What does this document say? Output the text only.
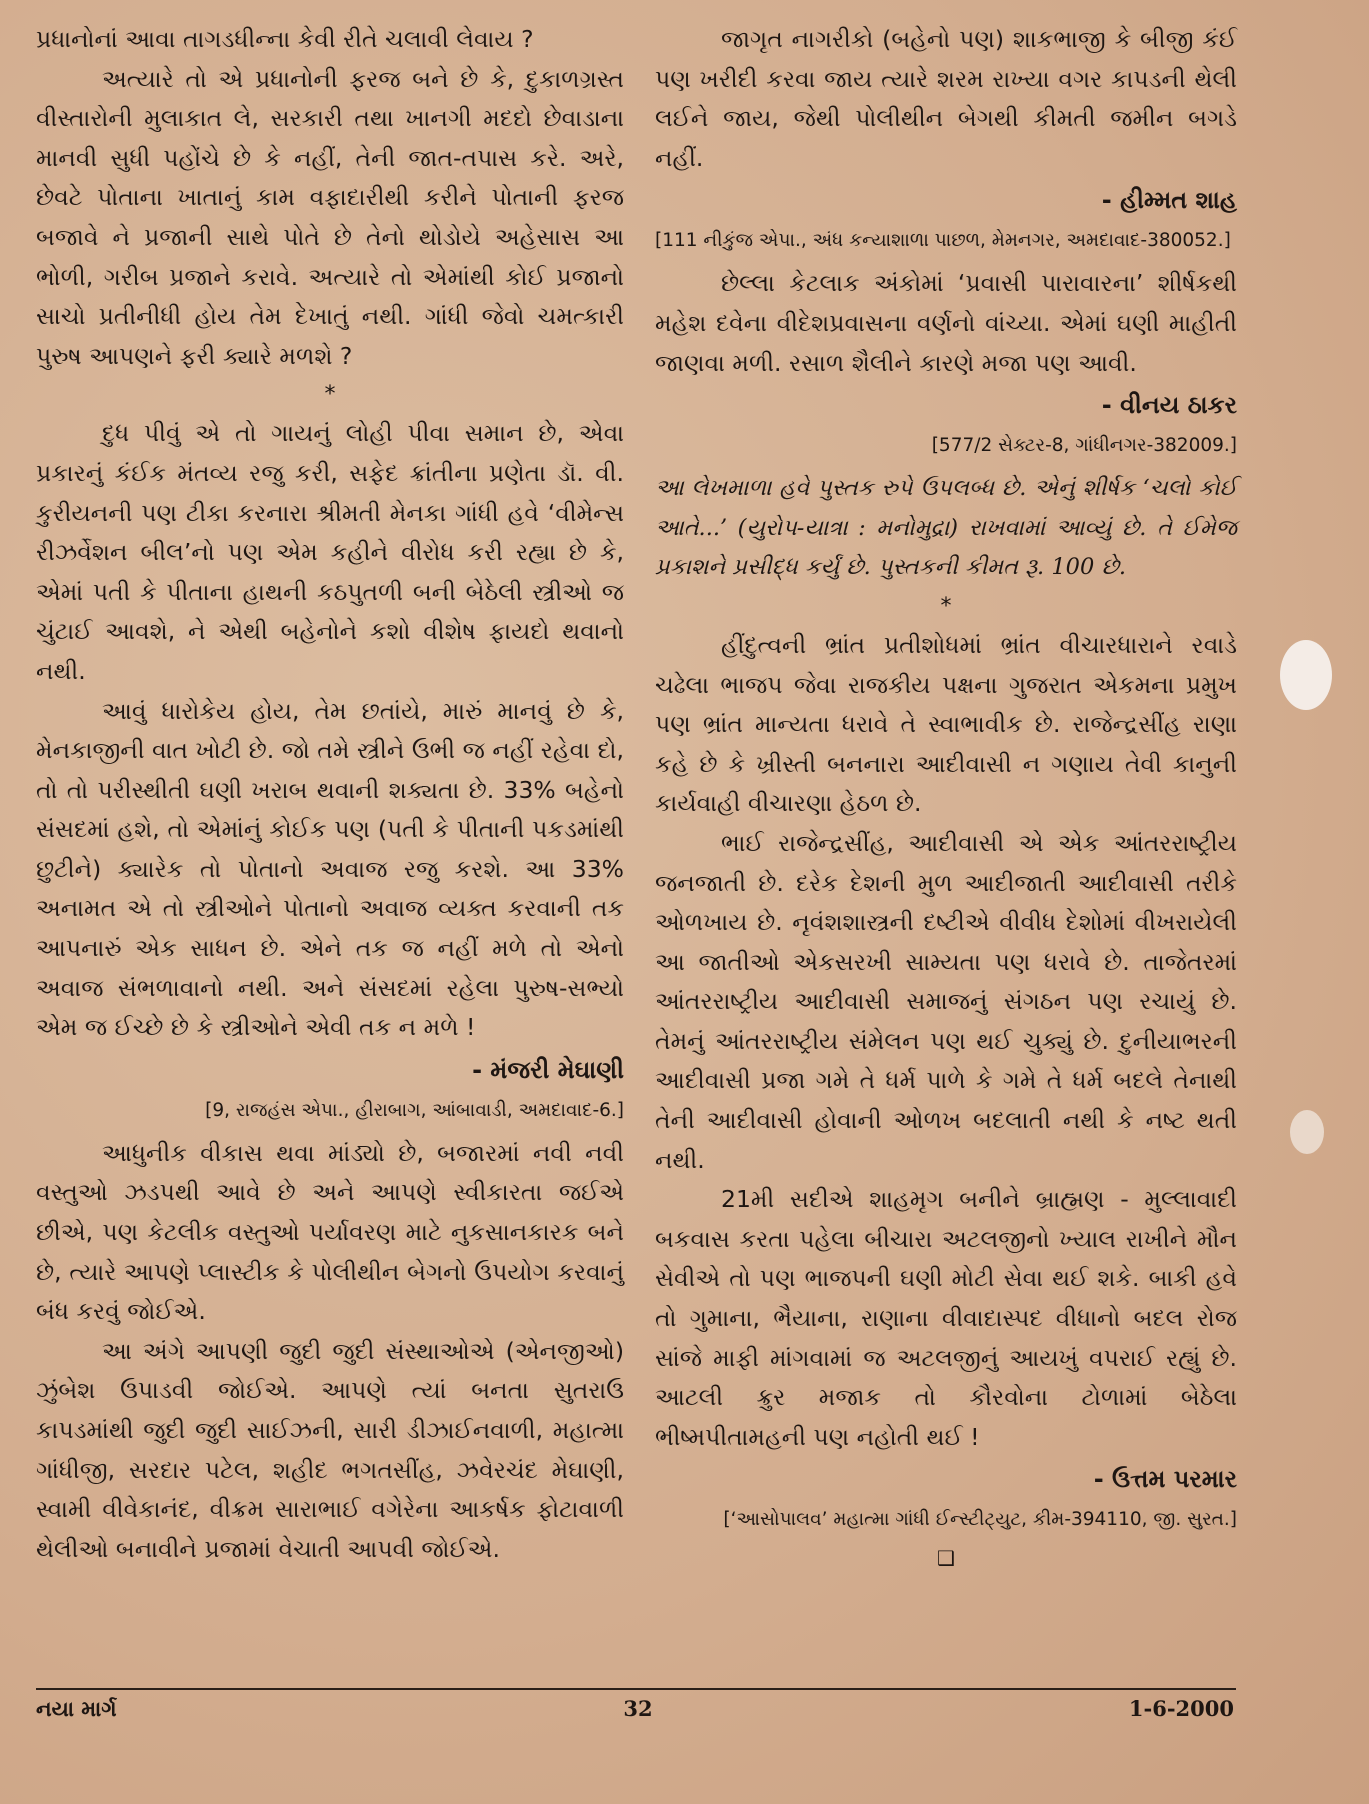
પ્રધાનોનાં આવા તાગડધીન્ના કેવી રીતે ચલાવી લેવાય ?

અત્યારે તો એ પ્રધાનોની ફરજ બને છે કે, દુકાળગ્રસ્ત વીસ્તારોની મુલાકાત લે, સરકારી તથા ખાનગી મદદો છેવાડાના માનવી સુધી પહોંચે છે કે નહીં, તેની જાત-તપાસ કરે. અરે, છેવટે પોતાના ખાતાનું કામ વફાદારીથી કરીને પોતાની ફરજ બજાવે ને પ્રજાની સાથે પોતે છે તેનો થોડોયે અહેસાસ આ ભોળી, ગરીબ પ્રજાને કરાવે. અત્યારે તો એમાંથી કોઈ પ્રજાનો સાચો પ્રતીનીધી હોય તેમ દેખાતું નથી. ગાંધી જેવો ચમત્કારી પુરુષ આપણને ફરી ક્યારે મળશે ?

*

દુધ પીવું એ તો ગાયનું લોહી પીવા સમાન છે, એવા પ્રકારનું કંઈક મંતવ્ય રજુ કરી, સફેદ ક્રાંતીના પ્રણેતા ડૉ. વી. કુરીયનની પણ ટીકા કરનારા શ્રીમતી મેનકા ગાંધી હવે ‘વીમેન્સ રીઝર્વેશન બીલ’નો પણ એમ કહીને વીરોધ કરી રહ્યા છે કે, એમાં પતી કે પીતાના હાથની કઠપુતળી બની બેઠેલી સ્ત્રીઓ જ ચુંટાઈ આવશે, ને એથી બહેનોને કશો વીશેષ ફાયદો થવાનો નથી.

આવું ધારોકેય હોય, તેમ છતાંયે, મારું માનવું છે કે, મેનકાજીની વાત ખોટી છે. જો તમે સ્ત્રીને ઉભી જ નહીં રહેવા દો, તો તો પરીસ્થીતી ઘણી ખરાબ થવાની શક્યતા છે. 33% બહેનો સંસદમાં હશે, તો એમાંનું કોઈક પણ (પતી કે પીતાની પકડમાંથી છુટીને) ક્યારેક તો પોતાનો અવાજ રજુ કરશે. આ 33% અનામત એ તો સ્ત્રીઓને પોતાનો અવાજ વ્યક્ત કરવાની તક આપનારું એક સાધન છે. એને તક જ નહીં મળે તો એનો અવાજ સંભળાવાનો નથી. અને સંસદમાં રહેલા પુરુષ-સભ્યો એમ જ ઈચ્છે છે કે સ્ત્રીઓને એવી તક ન મળે !

- મંજરી મેઘાણી
[9, રાજહંસ એપા., હીરાબાગ, આંબાવાડી, અમદાવાદ-6.]

આધુનીક વીકાસ થવા માંડ્યો છે, બજારમાં નવી નવી વસ્તુઓ ઝડપથી આવે છે અને આપણે સ્વીકારતા જઈએ છીએ, પણ કેટલીક વસ્તુઓ પર્યાવરણ માટે નુકસાનકારક બને છે, ત્યારે આપણે પ્લાસ્ટીક કે પોલીથીન બેગનો ઉપયોગ કરવાનું બંધ કરવું જોઈએ.

આ અંગે આપણી જુદી જુદી સંસ્થાઓએ (એનજીઓ) ઝુંબેશ ઉપાડવી જોઈએ. આપણે ત્યાં બનતા સુતરાઉ કાપડમાંથી જુદી જુદી સાઈઝની, સારી ડીઝાઈનવાળી, મહાત્મા ગાંધીજી, સરદાર પટેલ, શહીદ ભગતસીંહ, ઝવેરચંદ મેઘાણી, સ્વામી વીવેકાનંદ, વીક્રમ સારાભાઈ વગેરેના આકર્ષક ફોટાવાળી થેલીઓ બનાવીને પ્રજામાં વેચાતી આપવી જોઈએ.

જાગૃત નાગરીકો (બહેનો પણ) શાકભાજી કે બીજી કંઈ પણ ખરીદી કરવા જાય ત્યારે શરમ રાખ્યા વગર કાપડની થેલી લઈને જાય, જેથી પોલીથીન બેગથી કીમતી જમીન બગડે નહીં.

- હીમ્મત શાહ
[111 નીકુંજ એપા., અંધ કન્યાશાળા પાછળ, મેમનગર, અમદાવાદ-380052.]

છેલ્લા કેટલાક અંકોમાં ‘પ્રવાસી પારાવારના’ શીર્ષકથી મહેશ દવેના વીદેશપ્રવાસના વર્ણનો વાંચ્યા. એમાં ઘણી માહીતી જાણવા મળી. રસાળ શૈલીને કારણે મજા પણ આવી.

- વીનય ઠાકર
[577/2 સેક્ટર-8, ગાંધીનગર-382009.]

આ લેખમાળા હવે પુસ્તક રુપે ઉપલબ્ધ છે. એનું શીર્ષક ‘ચલો કોઈ આતે...’ (યુરોપ-યાત્રા : મનોમુદ્રા) રાખવામાં આવ્યું છે. તે ઈમેજ પ્રકાશને પ્રસીદ્ધ કર્યું છે. પુસ્તકની કીમત રૂ. 100 છે.

*

હીંદુત્વની ભ્રાંત પ્રતીશોધમાં ભ્રાંત વીચારધારાને રવાડે ચઢેલા ભાજપ જેવા રાજકીય પક્ષના ગુજરાત એકમના પ્રમુખ પણ ભ્રાંત માન્યતા ધરાવે તે સ્વાભાવીક છે. રાજેન્દ્રસીંહ રાણા કહે છે કે ખ્રીસ્તી બનનારા આદીવાસી ન ગણાય તેવી કાનુની કાર્યવાહી વીચારણા હેઠળ છે.

ભાઈ રાજેન્દ્રસીંહ, આદીવાસી એ એક આંતરરાષ્ટ્રીય જનજાતી છે. દરેક દેશની મુળ આદીજાતી આદીવાસી તરીકે ઓળખાય છે. નૃવંશશાસ્ત્રની દષ્ટીએ વીવીધ દેશોમાં વીખરાયેલી આ જાતીઓ એકસરખી સામ્યતા પણ ધરાવે છે. તાજેતરમાં આંતરરાષ્ટ્રીય આદીવાસી સમાજનું સંગઠન પણ રચાયું છે. તેમનું આંતરરાષ્ટ્રીય સંમેલન પણ થઈ ચુક્યું છે. દુનીયાભરની આદીવાસી પ્રજા ગમે તે ધર્મ પાળે કે ગમે તે ધર્મ બદલે તેનાથી તેની આદીવાસી હોવાની ઓળખ બદલાતી નથી કે નષ્ટ થતી નથી.

21મી સદીએ શાહમૃગ બનીને બ્રાહ્મણ - મુલ્લાવાદી બકવાસ કરતા પહેલા બીચારા અટલજીનો ખ્યાલ રાખીને મૌન સેવીએ તો પણ ભાજપની ઘણી મોટી સેવા થઈ શકે. બાકી હવે તો ગુમાના, ભૈયાના, રાણાના વીવાદાસ્પદ વીધાનો બદલ રોજ સાંજે માફી માંગવામાં જ અટલજીનું આયખું વપરાઈ રહ્યું છે. આટલી ક્રુર મજાક તો કૌરવોના ટોળામાં બેઠેલા ભીષ્મપીતામહની પણ નહોતી થઈ !

- ઉત્તમ પરમાર
[‘આસોપાલવ’ મહાત્મા ગાંધી ઈન્સ્ટીટ્યુટ, કીમ-394110, જી. સુરત.]
❑
નયા માર્ગ	32	1-6-2000
